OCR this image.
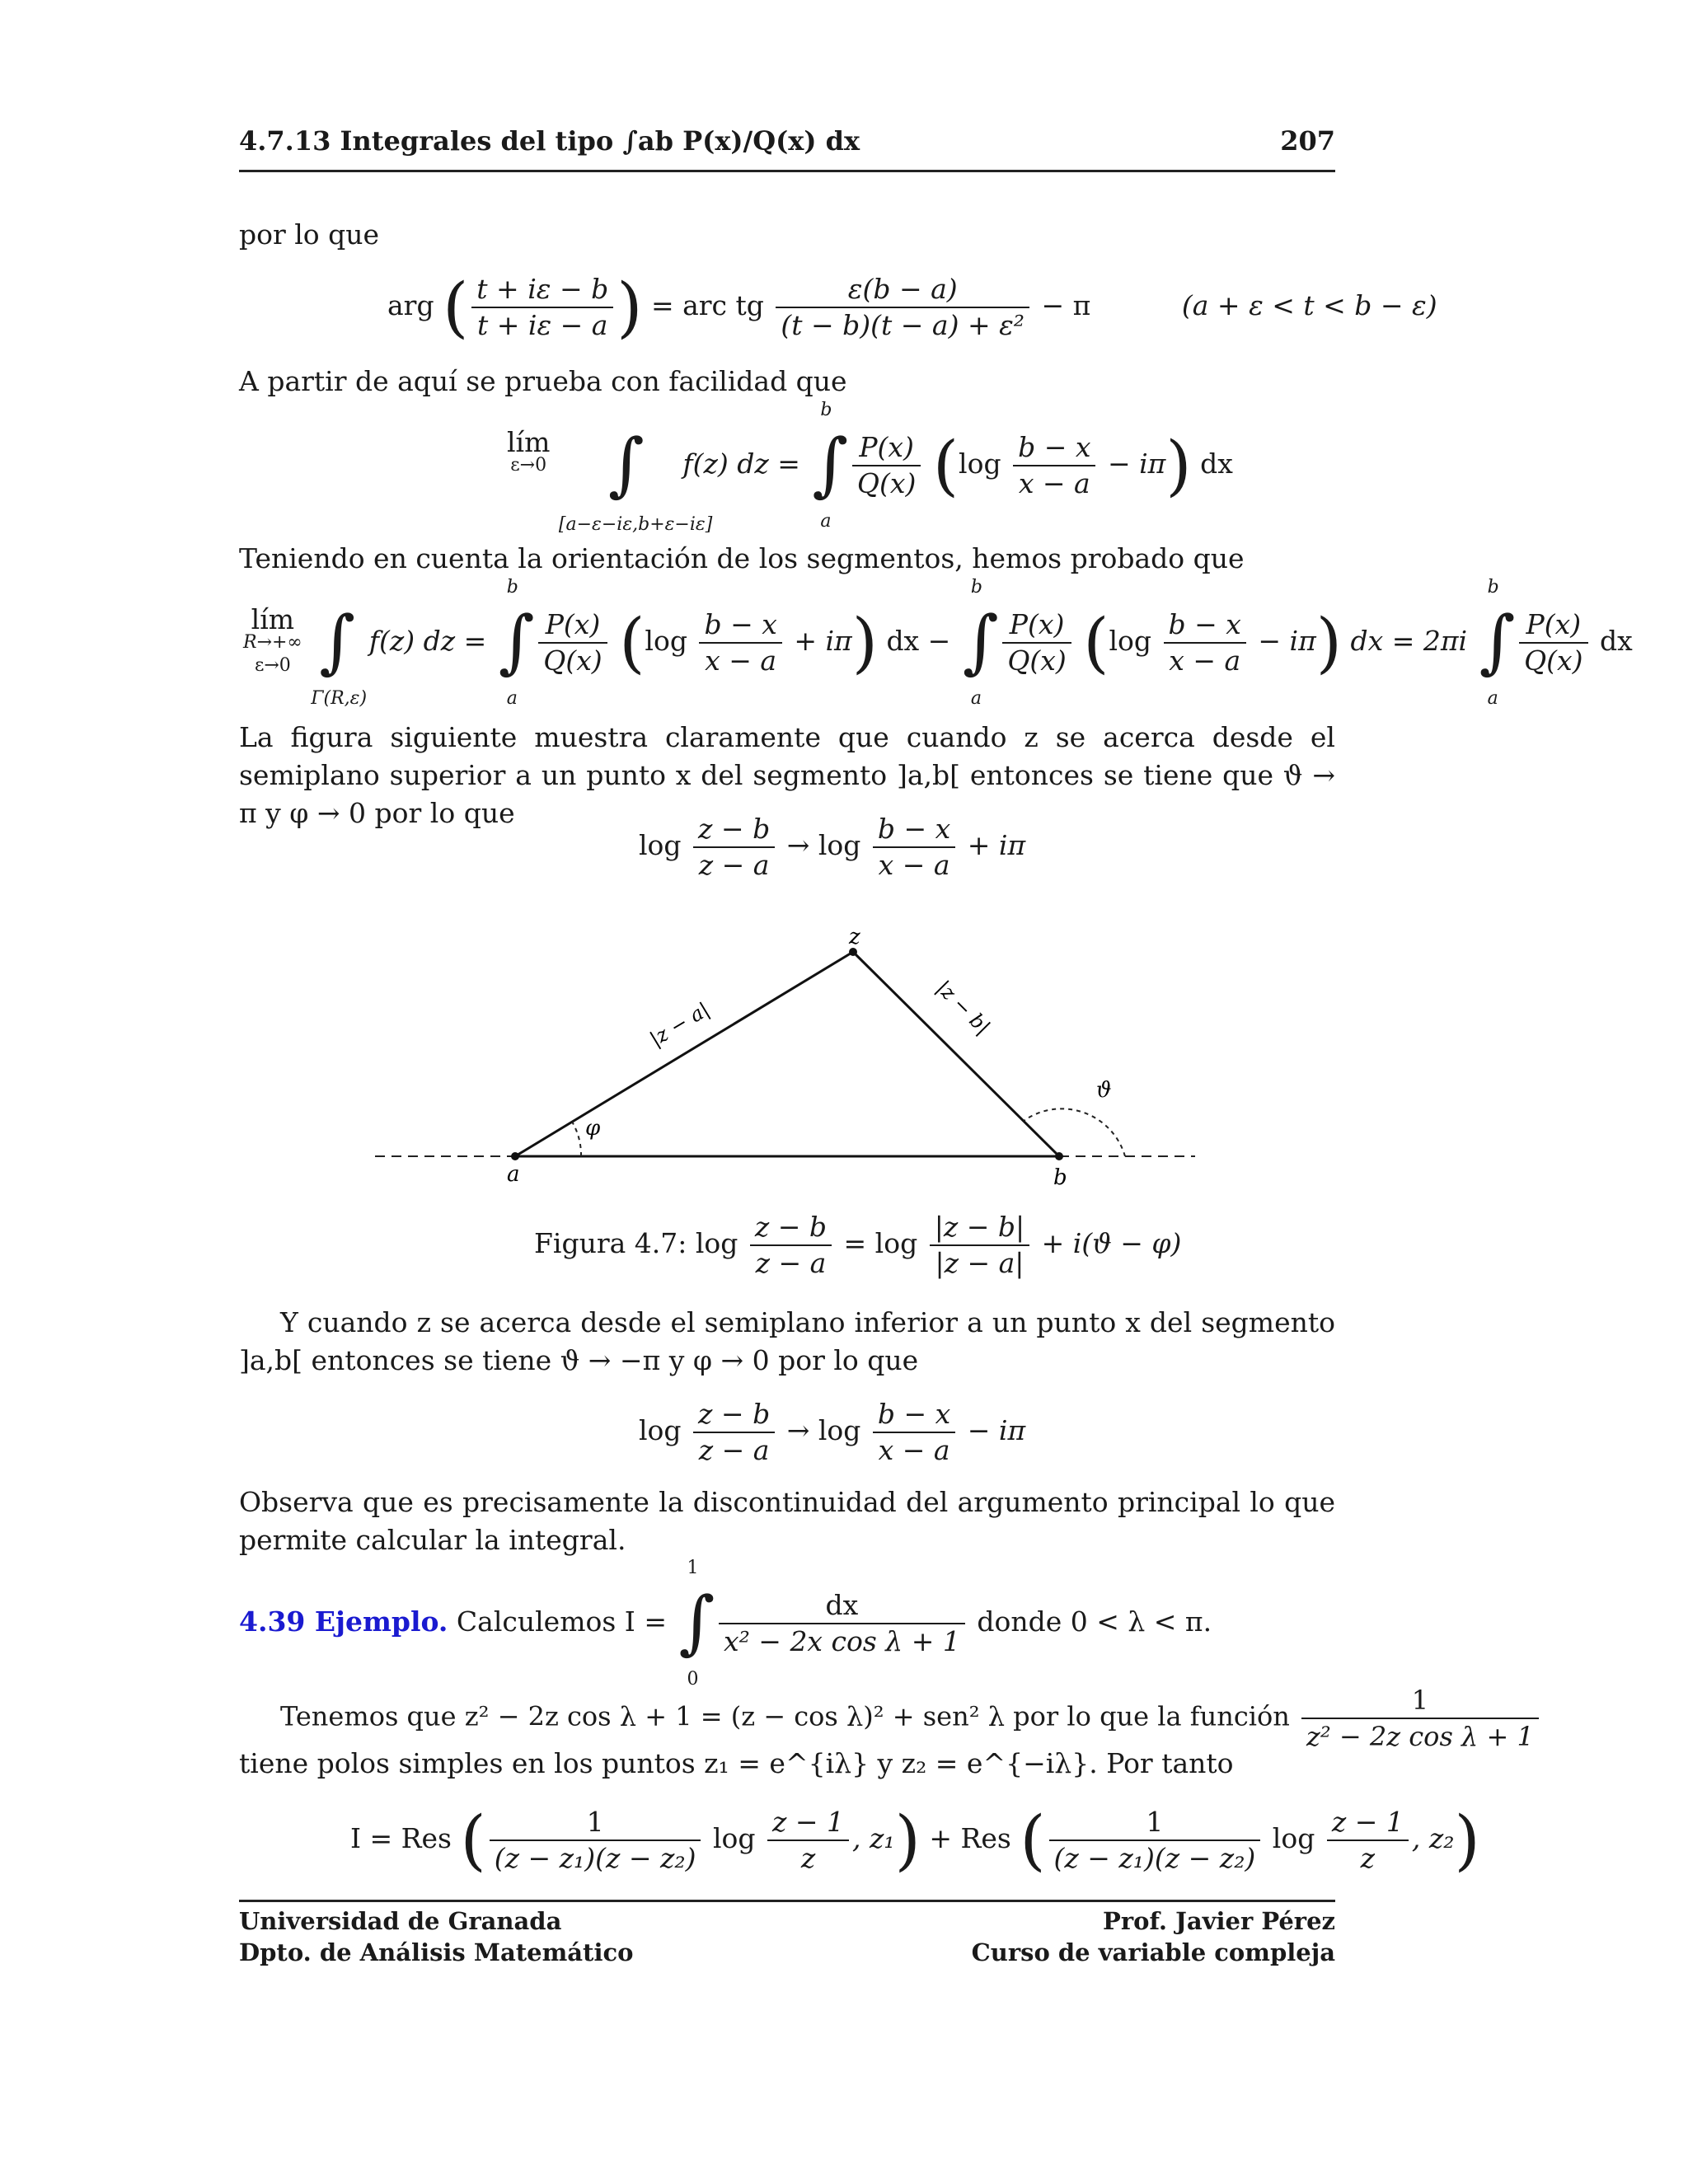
4.7.13 Integrales del tipo ∫ab P(x)/Q(x) dx	207
por lo que
arg ( $\frac{t + i\varepsilon - b}{t + i\varepsilon - a}$ ) = arc tg $\frac{\varepsilon(b - a)}{\text{(t − b)(t − a) + ε²}} - \pi$	(a + ε < t < b − ε)
A partir de aquí se prueba con facilidad que
lím
ε→0
∫
[a−ε−iε,b+ε−iε]
f(z) dz =
b
∫
a

$\frac{P(x)}{Q(x)} (\log \frac{b - x}{x - a} - i\pi)$ dx
Teniendo en cuenta la orientación de los segmentos, hemos probado que
lím
R→+∞
ε→0
∫
Γ(R,ε)
f(z) dz =
b
∫
a

$\frac{P(x)}{Q(x)} (\log \frac{b - x}{x - a} + i\pi)$ dx −
b
∫
a

$\frac{P(x)}{Q(x)} (\log \frac{b - x}{x - a} - i\pi)$ dx = 2πi
b
∫
a

$\frac{P(x)}{Q(x)}$ dx
La figura siguiente muestra claramente que cuando z se acerca desde el semiplano superior a un punto x del segmento ]a,b[ entonces se tiene que ϑ → π y φ → 0 por lo que
$\log \frac{z - b}{z - a} \to \log \frac{b - x}{x - a} + i\pi$
z
a	b
φ
ϑ
|z − a|	|z − b|
Figura 4.7: $\log \frac{z - b}{z - a} = \log \frac{|z - b|}{|z - a|} + i(ϑ - \varphi)$
Y cuando z se acerca desde el semiplano inferior a un punto x del segmento ]a,b[ entonces se tiene ϑ → −π y φ → 0 por lo que
$\log \frac{z - b}{z - a} \to \log \frac{b - x}{x - a} - i\pi$
Observa que es precisamente la discontinuidad del argumento principal lo que permite calcular la integral.
4.39 Ejemplo. Calculemos I =
1
∫
0

$\frac{dx}{\text{x² − 2x cos λ + 1}}$ donde 0 < λ < π.
Tenemos que z² − 2z cos λ + 1 = (z − cos λ)² + sen² λ por lo que la función $\frac{1}{\text{z² − 2z cos λ + 1}}$
tiene polos simples en los puntos z₁ = e^{iλ} y z₂ = e^{−iλ}. Por tanto
I = Res ( $\frac{1}{\text{(z − z₁)(z − z₂)}}$ $\log \frac{z - 1}{z}$ , z₁) + Res ( $\frac{1}{\text{(z − z₁)(z − z₂)}}$ $\log \frac{z - 1}{z}$ , z₂)
Universidad de Granada
Dpto. de Análisis Matemático
Prof. Javier Pérez
Curso de variable compleja
